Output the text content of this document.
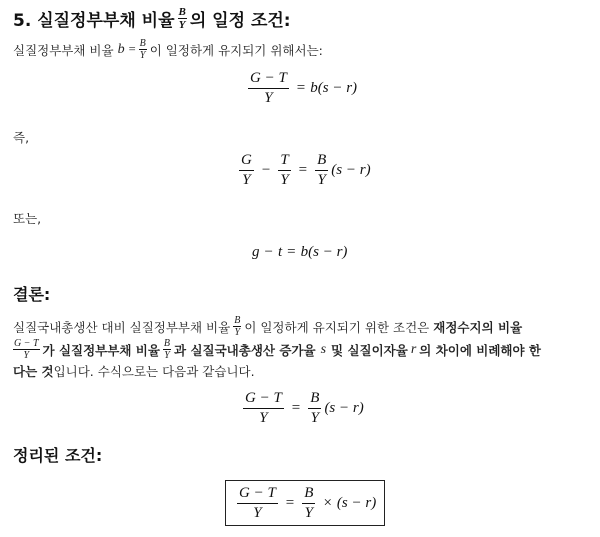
5. 실질정부부채 비율 $\frac{B}{Y}$ 의 일정 조건:
실질정부부채 비율 $b = \frac{B}{Y}$ 이 일정하게 유지되기 위해서는:
$\frac{G - T}{Y} = b(s - r)$
즉,
$\frac{G}{Y} - \frac{T}{Y} = \frac{B}{Y} (s - r)$
또는,
g − t = b(s − r)
결론:
실질국내총생산 대비 실질정부부채 비율 $\frac{B}{Y}$ 이 일정하게 유지되기 위한 조건은 재정수지의 비율
$\frac{G - T}{Y}$ 가 실질정부부채 비율 $\frac{B}{Y}$ 과 실질국내총생산 증가율 s 및 실질이자율 r 의 차이에 비례해야 한
다는 것입니다. 수식으로는 다음과 같습니다.
$\frac{G - T}{Y} = \frac{B}{Y} (s - r)$
정리된 조건:
$\frac{G - T}{Y} = \frac{B}{Y} \times (s - r)$
